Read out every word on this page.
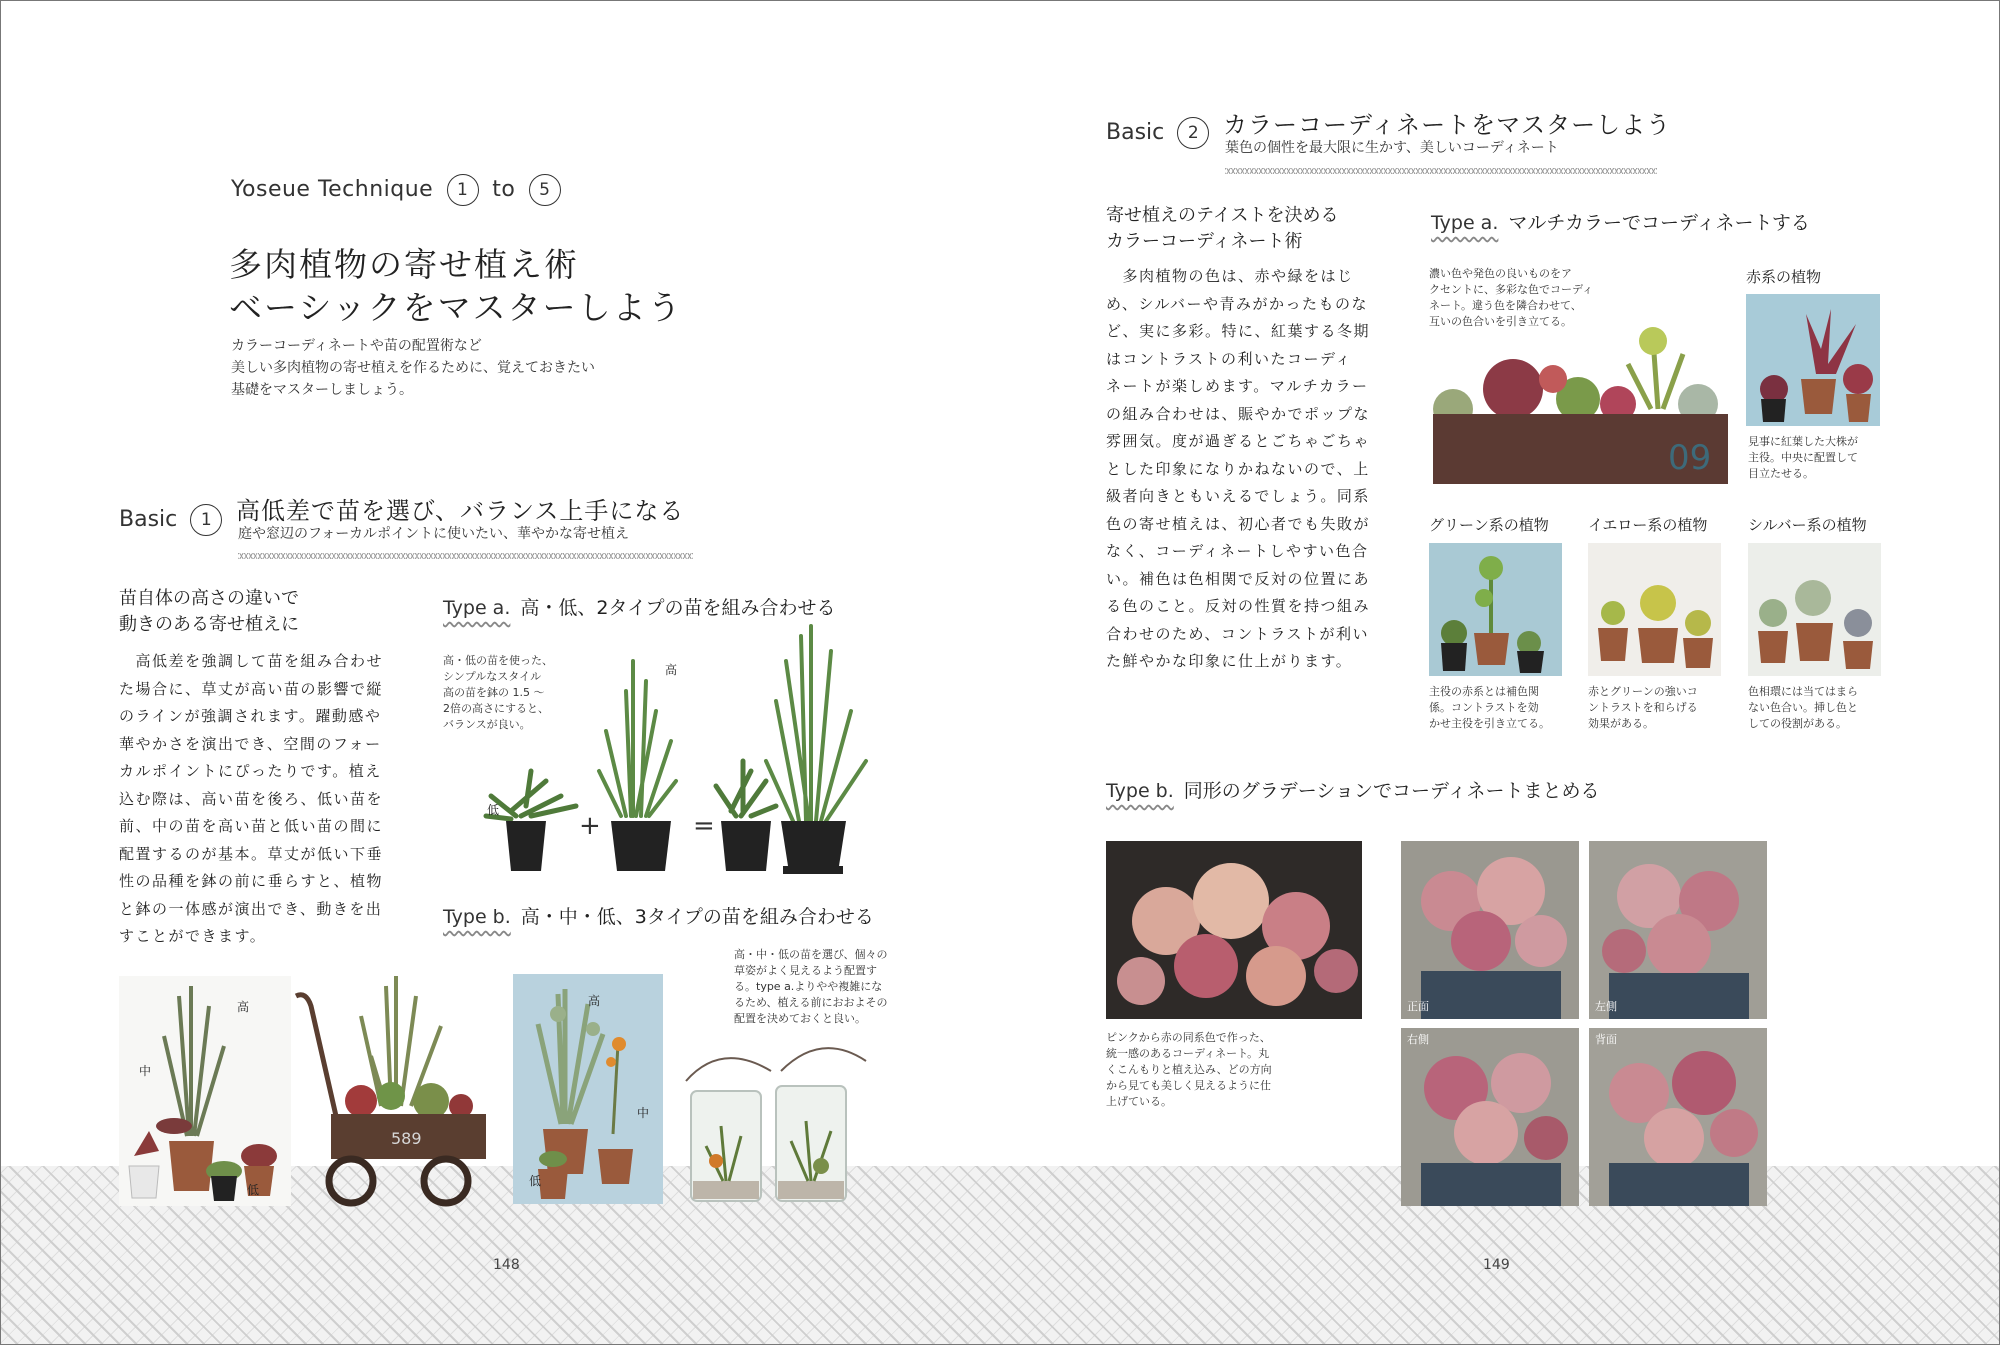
Yoseue Technique 1 to 5
多肉植物の寄せ植え術
ベーシックをマスターしよう
カラーコーディネートや苗の配置術など
美しい多肉植物の寄せ植えを作るために、覚えておきたい
基礎をマスターしましょう。
Basic 1	高低差で苗を選び、バランス上手になる
庭や窓辺のフォーカルポイントに使いたい、華やかな寄せ植え
苗自体の高さの違いで
動きのある寄せ植えに
　高低差を強調して苗を組み合わせ
た場合に、草丈が高い苗の影響で縦
のラインが強調されます。躍動感や
華やかさを演出でき、空間のフォー
カルポイントにぴったりです。植え
込む際は、高い苗を後ろ、低い苗を
前、中の苗を高い苗と低い苗の間に
配置するのが基本。草丈が低い下垂
性の品種を鉢の前に垂らすと、植物
と鉢の一体感が演出でき、動きを出
すことができます。
Type a. 高・低、2タイプの苗を組み合わせる
高・低の苗を使った、
シンプルなスタイル
高の苗を鉢の 1.5 ～
2倍の高さにすると、
バランスが良い。
低
高
+	=
Type b. 高・中・低、3タイプの苗を組み合わせる
高・中・低の苗を選び、個々の
草姿がよく見えるよう配置す
る。type a.よりやや複雑にな
るため、植える前におおよその
配置を決めておくと良い。
高
中
低
589
高
中
低
148
Basic 2	カラーコーディネートをマスターしよう
葉色の個性を最大限に生かす、美しいコーディネート
寄せ植えのテイストを決める
カラーコーディネート術
　多肉植物の色は、赤や緑をはじ
め、シルバーや青みがかったものな
ど、実に多彩。特に、紅葉する冬期
はコントラストの利いたコーディ
ネートが楽しめます。マルチカラー
の組み合わせは、賑やかでポップな
雰囲気。度が過ぎるとごちゃごちゃ
とした印象になりかねないので、上
級者向きともいえるでしょう。同系
色の寄せ植えは、初心者でも失敗が
なく、コーディネートしやすい色合
い。補色は色相関で反対の位置にあ
る色のこと。反対の性質を持つ組み
合わせのため、コントラストが利い
た鮮やかな印象に仕上がります。
Type a. マルチカラーでコーディネートする
濃い色や発色の良いものをア
クセントに、多彩な色でコーディ
ネート。違う色を隣合わせて、
互いの色合いを引き立てる。
09
赤系の植物
見事に紅葉した大株が
主役。中央に配置して
目立たせる。
グリーン系の植物	イエロー系の植物	シルバー系の植物
主役の赤系とは補色関
係。コントラストを効
かせ主役を引き立てる。
赤とグリーンの強いコ
ントラストを和らげる
効果がある。
色相環には当てはまら
ない色合い。挿し色と
しての役割がある。
Type b. 同形のグラデーションでコーディネートまとめる
ピンクから赤の同系色で作った、
統一感のあるコーディネート。丸
くこんもりと植え込み、どの方向
から見ても美しく見えるように仕
上げている。
正面	左側
右側	背面
149
